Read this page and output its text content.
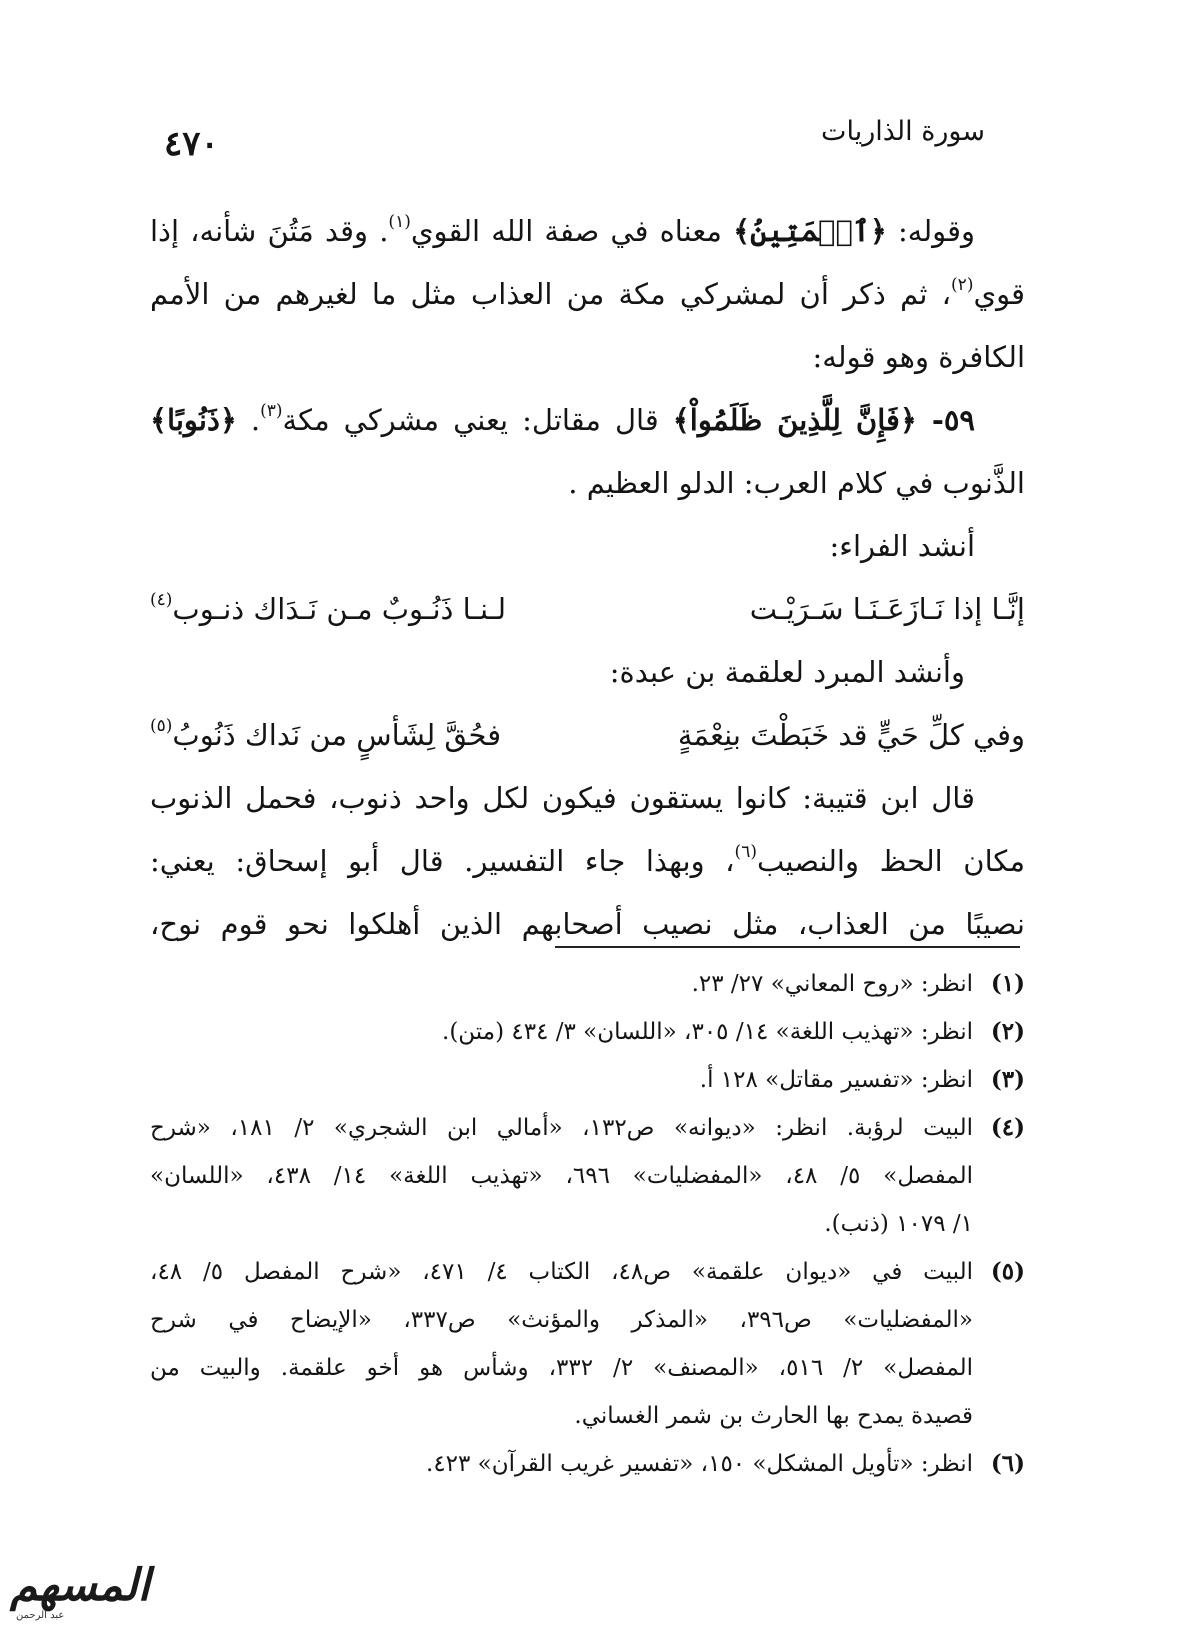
٤٧٠	سورة الذاريات
وقوله: ﴿ٱلۡمَتِينُ﴾ معناه في صفة الله القوي$^{(١)}$. وقد مَتُنَ شأنه، إذا
قوي$^{(٢)}$، ثم ذكر أن لمشركي مكة من العذاب مثل ما لغيرهم من الأمم
الكافرة وهو قوله:
٥٩- ﴿فَإِنَّ لِلَّذِينَ ظَلَمُواْ﴾ قال مقاتل: يعني مشركي مكة$^{(٣)}$. ﴿ذَنُوبًا﴾
الذَّنوب في كلام العرب: الدلو العظيم .
أنشد الفراء:
إنَّـا إذا نَـازَعَـنَـا سَـرَيْـت
لـنـا ذَنُـوبٌ مـن نَـدَاك ذنـوب$^{(٤)}$
وأنشد المبرد لعلقمة بن عبدة:
وفي كلِّ حَيٍّ قد خَبَطْتَ بنِعْمَةٍ
فحُقَّ لِشَأسٍ من نَداك ذَنُوبُ$^{(٥)}$
قال ابن قتيبة: كانوا يستقون فيكون لكل واحد ذنوب، فحمل الذنوب
مكان الحظ والنصيب$^{(٦)}$، وبهذا جاء التفسير. قال أبو إسحاق: يعني:
نصيبًا من العذاب، مثل نصيب أصحابهم الذين أهلكوا نحو قوم نوح،
(١)
انظر: «روح المعاني» ٢٧/ ٢٣.
(٢)
انظر: «تهذيب اللغة» ١٤/ ٣٠٥، «اللسان» ٣/ ٤٣٤ (متن).
(٣)
انظر: «تفسير مقاتل» ١٢٨ أ.
(٤)
البيت لرؤبة. انظر: «ديوانه» ص١٣٢، «أمالي ابن الشجري» ٢/ ١٨١، «شرح
المفصل» ٥/ ٤٨، «المفضليات» ٦٩٦، «تهذيب اللغة» ١٤/ ٤٣٨، «اللسان»
١/ ١٠٧٩ (ذنب).
(٥)
البيت في «ديوان علقمة» ص٤٨، الكتاب ٤/ ٤٧١، «شرح المفصل ٥/ ٤٨،
«المفضليات» ص٣٩٦، «المذكر والمؤنث» ص٣٣٧، «الإيضاح في شرح
المفصل» ٢/ ٥١٦، «المصنف» ٢/ ٣٣٢، وشأس هو أخو علقمة. والبيت من
قصيدة يمدح بها الحارث بن شمر الغساني.
(٦)
انظر: «تأويل المشكل» ١٥٠، «تفسير غريب القرآن» ٤٢٣.
المسهم
عبد الرحمن
